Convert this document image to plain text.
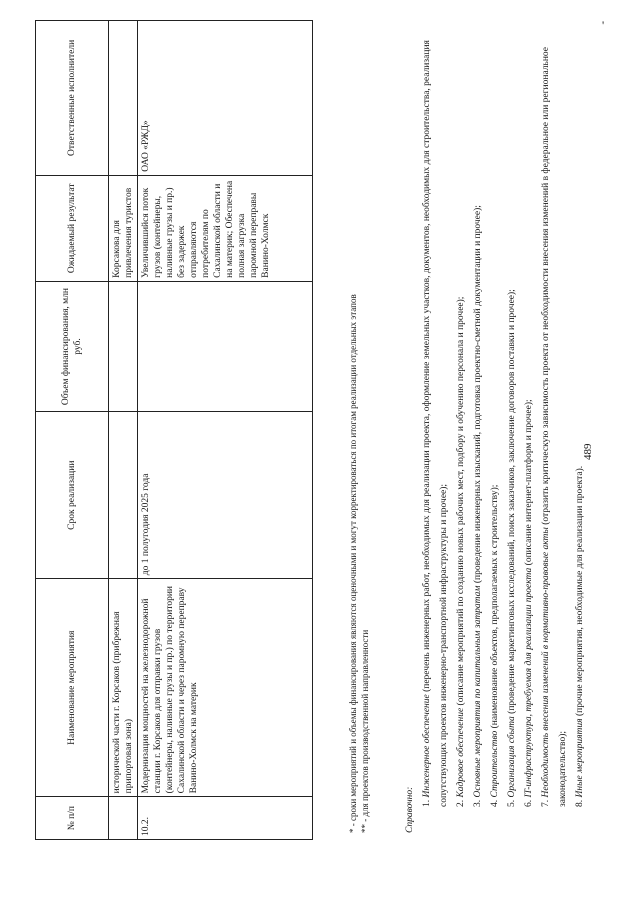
№ п/п	Наименование мероприятия	Срок реализации	Объем финансирования, млн руб.	Ожидаемый результат	Ответственные исполнители
	исторической части г. Корсаков (прибрежная припортовая зона)			Корсакова для привлечения туристов	
10.2.	Модернизация мощностей на железнодорожной станции г. Корсаков для отправки грузов (контейнеры, наливные грузы и пр.) по территории Сахалинской области и через паромную переправу Ванино-Холмск на материк	до 1 полугодия 2025 года		Увеличившийся поток грузов (контейнеры, наливные грузы и пр.) без задержек отправляются потребителям по Сахалинской области и на материк; Обеспечена полная загрузка паромной переправы Ванино-Холмск	ОАО «РЖД»
* - сроки мероприятий и объемы финансирования являются оценочными и могут корректироваться по итогам реализации отдельных этапов ** - для проектов производственной направленности	Справочно: 1. Инженерное обеспечение (перечень инженерных работ, необходимых для реализации проекта, оформление земельных участков, документов, необходимых для строительства, реализация сопутствующих проектов инженерно-транспортной инфраструктуры и прочее); 2. Кадровое обеспечение (описание мероприятий по созданию новых рабочих мест, подбору и обучению персонала и прочее);
3. Основные мероприятия по капитальным затратам (проведение инженерных изысканий, подготовка проектно-сметной документации и прочее);
4. Строительство (наименование объектов, предполагаемых к строительству);
5. Организация сбыта (проведение маркетинговых исследований, поиск заказчиков, заключение договоров поставки и прочее);
6. IT-инфраструктура, требуемая для реализации проекта (описание интернет-платформ и прочее);
7. Необходимость внесения изменений в нормативно-правовые акты (отразить критическую зависимость проекта от необходимости внесения изменений в федеральное или региональное законодательство); 8. Иные мероприятия (прочие мероприятия, необходимые для реализации проекта).
489
'
